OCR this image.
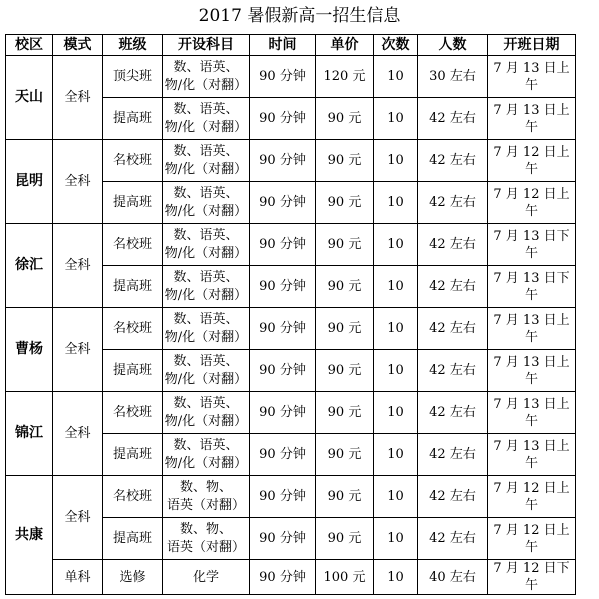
2017 暑假新高一招生信息
校区	模式	班级	开设科目	时间	单价	次数	人数	开班日期
天山	全科	顶尖班	数、语英、
物/化（对翻）	90 分钟	120 元	10	30 左右	7 月 13 日上午
		提高班	数、语英、
物/化（对翻）	90 分钟	90 元	10	42 左右	7 月 13 日上午
昆明	全科	名校班	数、语英、
物/化（对翻）	90 分钟	90 元	10	42 左右	7 月 12 日上午
		提高班	数、语英、
物/化（对翻）	90 分钟	90 元	10	42 左右	7 月 12 日上午
徐汇	全科	名校班	数、语英、
物/化（对翻）	90 分钟	90 元	10	42 左右	7 月 13 日下午
		提高班	数、语英、
物/化（对翻）	90 分钟	90 元	10	42 左右	7 月 13 日下午
曹杨	全科	名校班	数、语英、
物/化（对翻）	90 分钟	90 元	10	42 左右	7 月 13 日上午
		提高班	数、语英、
物/化（对翻）	90 分钟	90 元	10	42 左右	7 月 13 日上午
锦江	全科	名校班	数、语英、
物/化（对翻）	90 分钟	90 元	10	42 左右	7 月 13 日上午
		提高班	数、语英、
物/化（对翻）	90 分钟	90 元	10	42 左右	7 月 13 日上午
共康	全科	名校班	数、物、
语英（对翻）	90 分钟	90 元	10	42 左右	7 月 12 日上午
		提高班	数、物、
语英（对翻）	90 分钟	90 元	10	42 左右	7 月 12 日上午
	单科	选修	化学	90 分钟	100 元	10	40 左右	7 月 12 日下午
